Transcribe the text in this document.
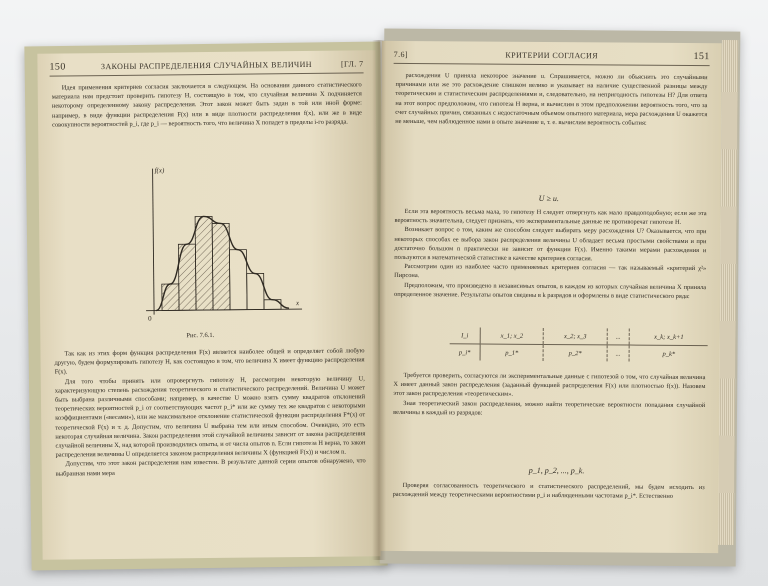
150	ЗАКОНЫ РАСПРЕДЕЛЕНИЯ СЛУЧАЙНЫХ ВЕЛИЧИН	[ГЛ. 7

Идея применения критериев согласия заключается в следующем. На основании данного статистического материала нам предстоит проверить гипотезу H, состоящую в том, что случайная величина X подчиняется некоторому определенному закону распределения. Этот закон может быть задан в той или иной форме: например, в виде функции распределения F(x) или в виде плотности распределения f(x), или же в виде совокупности вероятностей p_i, где p_i — вероятность того, что величина X попадет в пределы i-го разряда.

f(x)
x
0
Рис. 7.6.1.

Так как из этих форм функция распределения F(x) является наиболее общей и определяет собой любую другую, будем формулировать гипотезу H, как состоящую в том, что величина X имеет функцию распределения F(x).

Для того чтобы принять или опровергнуть гипотезу H, рассмотрим некоторую величину U, характеризующую степень расхождения теоретического и статистического распределений. Величина U может быть выбрана различными способами; например, в качестве U можно взять сумму квадратов отклонений теоретических вероятностей p_i от соответствующих частот p_i* или же сумму тех же квадратов с некоторыми коэффициентами («весами»), или же максимальное отклонение статистической функции распределения F*(x) от теоретической F(x) и т. д. Допустим, что величина U выбрана тем или иным способом. Очевидно, это есть некоторая случайная величина. Закон распределения этой случайной величины зависит от закона распределения случайной величины X, над которой производились опыты, и от числа опытов n. Если гипотеза H верна, то закон распределения величины U определяется законом распределения величины X (функцией F(x)) и числом n.

Допустим, что этот закон распределения нам известен. В результате данной серии опытов обнаружено, что выбранная нами мера

7.6]	КРИТЕРИИ СОГЛАСИЯ	151

расхождения U приняла некоторое значение u. Спрашивается, можно ли объяснить это случайными причинами или же это расхождение слишком велико и указывает на наличие существенной разницы между теоретическим и статистическим распределениями и, следовательно, на непригодность гипотезы H? Для ответа на этот вопрос предположим, что гипотеза H верна, и вычислим в этом предположении вероятность того, что за счет случайных причин, связанных с недостаточным объемом опытного материала, мера расхождения U окажется не меньше, чем наблюденное нами в опыте значение u, т. е. вычислим вероятность события:

U ≥ u.

Если эта вероятность весьма мала, то гипотезу H следует отвергнуть как мало правдоподобную; если же эта вероятность значительна, следует признать, что экспериментальные данные не противоречат гипотезе H.

Возникает вопрос о том, каким же способом следует выбирать меру расхождения U? Оказывается, что при некоторых способах ее выбора закон распределения величины U обладает весьма простыми свойствами и при достаточно большом n практически не зависит от функции F(x). Именно такими мерами расхождения и пользуются в математической статистике в качестве критериев согласия.

Рассмотрим один из наиболее часто применяемых критериев согласия — так называемый «критерий χ²» Пирсона.

Предположим, что произведено n независимых опытов, в каждом из которых случайная величина X приняла определенное значение. Результаты опытов сведены в k разрядов и оформлены в виде статистического ряда:

I_i	x_1; x_2	x_2; x_3	...	x_k; x_k+1
p_i*	p_1*	p_2*	...	p_k*

Требуется проверить, согласуются ли экспериментальные данные с гипотезой о том, что случайная величина X имеет данный закон распределения (заданный функцией распределения F(x) или плотностью f(x)). Назовем этот закон распределения «теоретическим».

Зная теоретический закон распределения, можно найти теоретические вероятности попадания случайной величины в каждый из разрядов:

p_1, p_2, ..., p_k.

Проверяя согласованность теоретического и статистического распределений, мы будем исходить из расхождений между теоретическими вероятностями p_i и наблюденными частотами p_i*. Естественно
